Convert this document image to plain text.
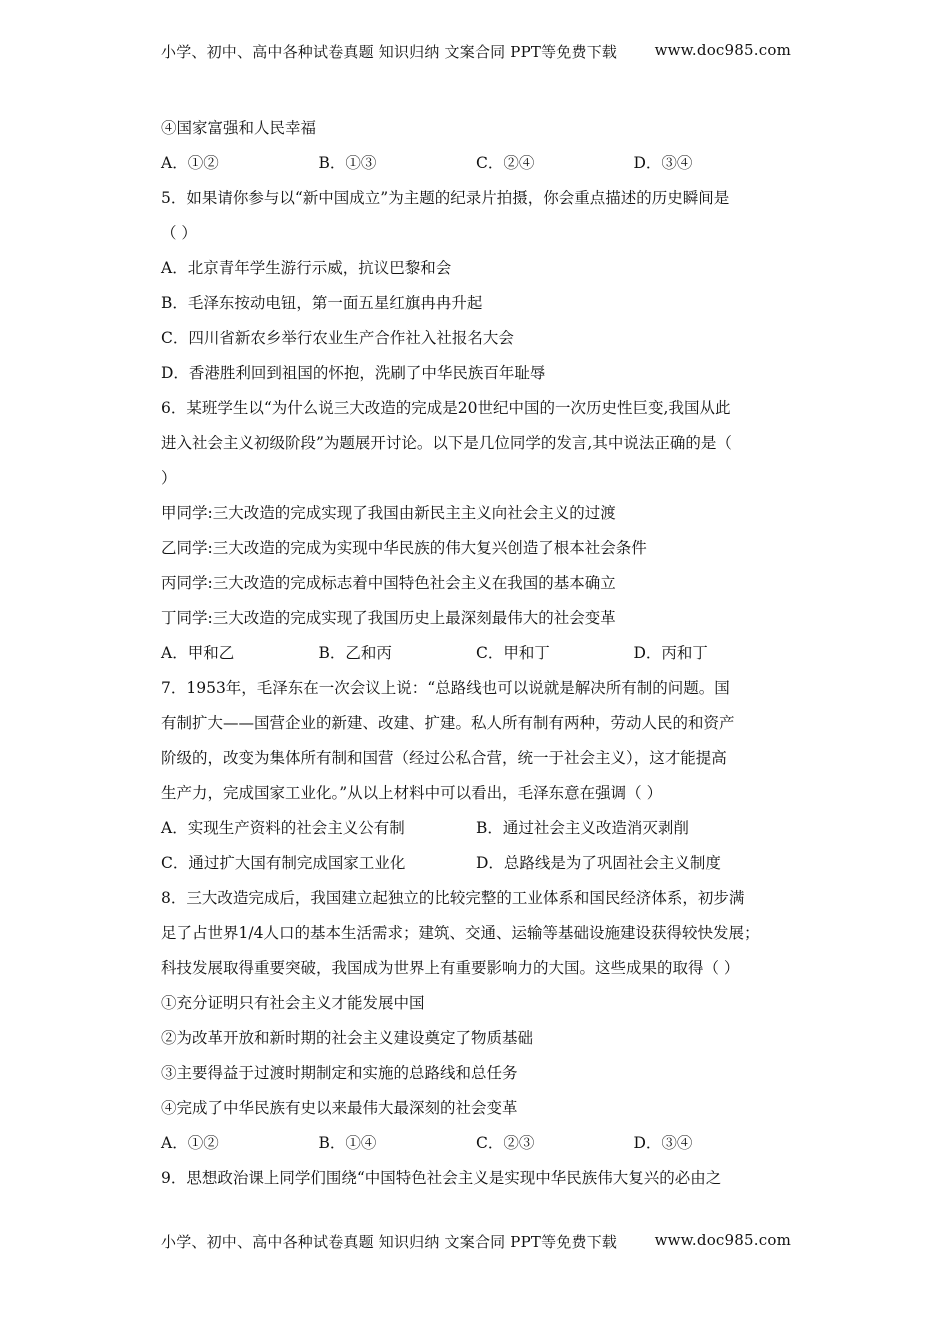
小学、初中、高中各种试卷真题 知识归纳 文案合同 PPT等免费下载 www.doc985.com
④国家富强和人民幸福
A．①②	B．①③	C．②④	D．③④
5．如果请你参与以“新中国成立”为主题的纪录片拍摄，你会重点描述的历史瞬间是
（ ）
A．北京青年学生游行示威，抗议巴黎和会
B．毛泽东按动电钮，第一面五星红旗冉冉升起
C．四川省新农乡举行农业生产合作社入社报名大会
D．香港胜利回到祖国的怀抱，洗刷了中华民族百年耻辱
6．某班学生以“为什么说三大改造的完成是20世纪中国的一次历史性巨变,我国从此
进入社会主义初级阶段”为题展开讨论。以下是几位同学的发言,其中说法正确的是（
）
甲同学:三大改造的完成实现了我国由新民主主义向社会主义的过渡
乙同学:三大改造的完成为实现中华民族的伟大复兴创造了根本社会条件
丙同学:三大改造的完成标志着中国特色社会主义在我国的基本确立
丁同学:三大改造的完成实现了我国历史上最深刻最伟大的社会变革
A．甲和乙	B．乙和丙	C．甲和丁	D．丙和丁
7．1953年，毛泽东在一次会议上说：“总路线也可以说就是解决所有制的问题。国
有制扩大——国营企业的新建、改建、扩建。私人所有制有两种，劳动人民的和资产
阶级的，改变为集体所有制和国营（经过公私合营，统一于社会主义），这才能提高
生产力，完成国家工业化。”从以上材料中可以看出，毛泽东意在强调（ ）
A．实现生产资料的社会主义公有制	B．通过社会主义改造消灭剥削
C．通过扩大国有制完成国家工业化	D．总路线是为了巩固社会主义制度
8．三大改造完成后，我国建立起独立的比较完整的工业体系和国民经济体系，初步满
足了占世界1/4人口的基本生活需求；建筑、交通、运输等基础设施建设获得较快发展；
科技发展取得重要突破，我国成为世界上有重要影响力的大国。这些成果的取得（ ）
①充分证明只有社会主义才能发展中国
②为改革开放和新时期的社会主义建设奠定了物质基础
③主要得益于过渡时期制定和实施的总路线和总任务
④完成了中华民族有史以来最伟大最深刻的社会变革
A．①②	B．①④	C．②③	D．③④
9．思想政治课上同学们围绕“中国特色社会主义是实现中华民族伟大复兴的必由之
小学、初中、高中各种试卷真题 知识归纳 文案合同 PPT等免费下载 www.doc985.com
